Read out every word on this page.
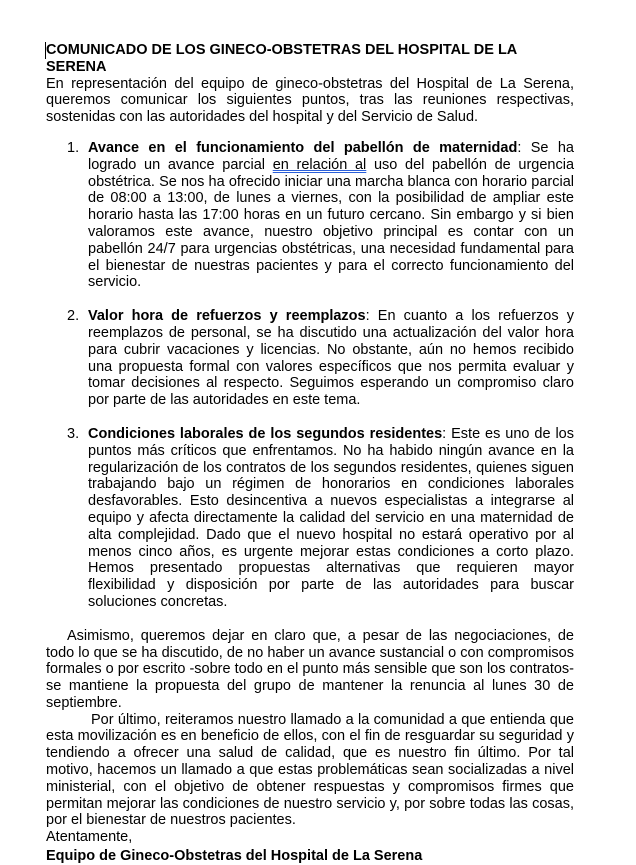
COMUNICADO DE LOS GINECO-OBSTETRAS DEL HOSPITAL DE LA SERENA

En representación del equipo de gineco-obstetras del Hospital de La Serena, queremos comunicar los siguientes puntos, tras las reuniones respectivas, sostenidas con las autoridades del hospital y del Servicio de Salud.

1. Avance en el funcionamiento del pabellón de maternidad: Se ha logrado un avance parcial en relación al uso del pabellón de urgencia obstétrica. Se nos ha ofrecido iniciar una marcha blanca con horario parcial de 08:00 a 13:00, de lunes a viernes, con la posibilidad de ampliar este horario hasta las 17:00 horas en un futuro cercano. Sin embargo y si bien valoramos este avance, nuestro objetivo principal es contar con un pabellón 24/7 para urgencias obstétricas, una necesidad fundamental para el bienestar de nuestras pacientes y para el correcto funcionamiento del servicio.
2. Valor hora de refuerzos y reemplazos: En cuanto a los refuerzos y reemplazos de personal, se ha discutido una actualización del valor hora para cubrir vacaciones y licencias. No obstante, aún no hemos recibido una propuesta formal con valores específicos que nos permita evaluar y tomar decisiones al respecto. Seguimos esperando un compromiso claro por parte de las autoridades en este tema.
3. Condiciones laborales de los segundos residentes: Este es uno de los puntos más críticos que enfrentamos. No ha habido ningún avance en la regularización de los contratos de los segundos residentes, quienes siguen trabajando bajo un régimen de honorarios en condiciones laborales desfavorables. Esto desincentiva a nuevos especialistas a integrarse al equipo y afecta directamente la calidad del servicio en una maternidad de alta complejidad. Dado que el nuevo hospital no estará operativo por al menos cinco años, es urgente mejorar estas condiciones a corto plazo. Hemos presentado propuestas alternativas que requieren mayor flexibilidad y disposición por parte de las autoridades para buscar soluciones concretas.

Asimismo, queremos dejar en claro que, a pesar de las negociaciones, de todo lo que se ha discutido, de no haber un avance sustancial o con compromisos formales o por escrito -sobre todo en el punto más sensible que son los contratos- se mantiene la propuesta del grupo de mantener la renuncia al lunes 30 de septiembre.

Por último, reiteramos nuestro llamado a la comunidad a que entienda que esta movilización es en beneficio de ellos, con el fin de resguardar su seguridad y tendiendo a ofrecer una salud de calidad, que es nuestro fin último. Por tal motivo, hacemos un llamado a que estas problemáticas sean socializadas a nivel ministerial, con el objetivo de obtener respuestas y compromisos firmes que permitan mejorar las condiciones de nuestro servicio y, por sobre todas las cosas, por el bienestar de nuestros pacientes.

Atentamente,

Equipo de Gineco-Obstetras del Hospital de La Serena
